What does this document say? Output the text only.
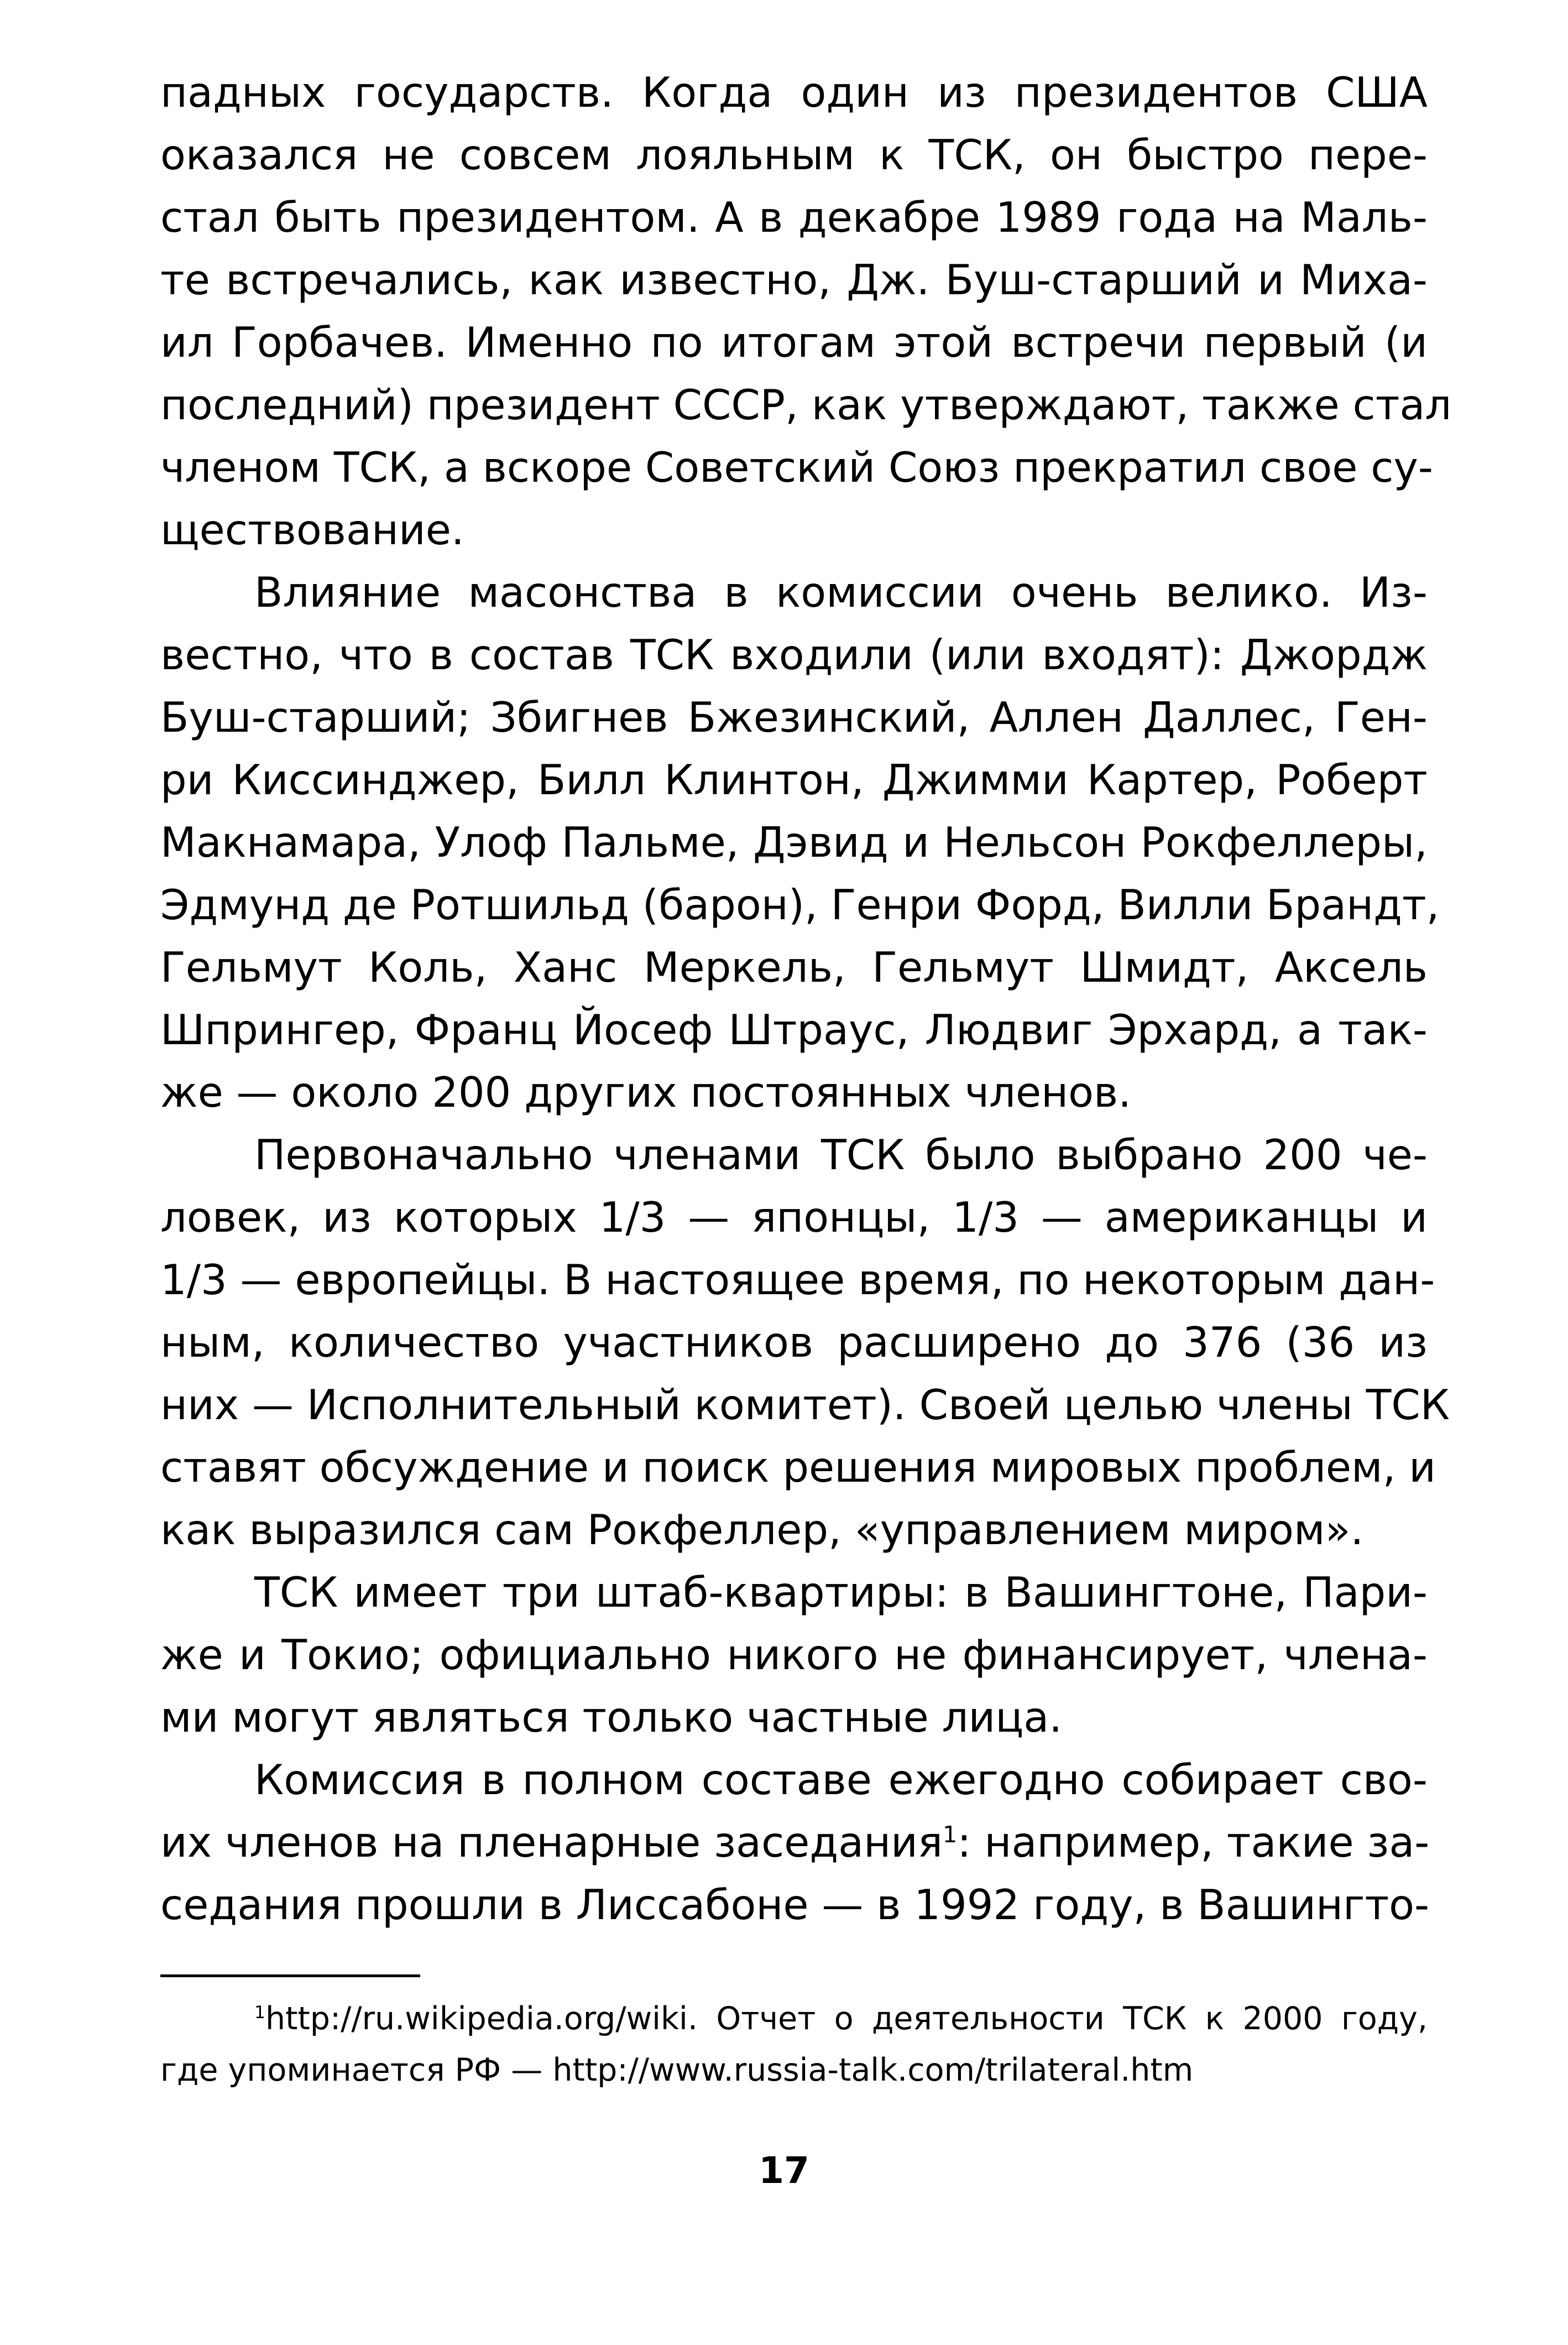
падных государств. Когда один из президентов США
оказался не совсем лояльным к ТСК, он быстро пере-
стал быть президентом. А в декабре 1989 года на Маль-
те встречались, как известно, Дж. Буш-старший и Миха-
ил Горбачев. Именно по итогам этой встречи первый (и
последний) президент СССР, как утверждают, также стал
членом ТСК, а вскоре Советский Союз прекратил свое су-
ществование.
Влияние масонства в комиссии очень велико. Из-
вестно, что в состав ТСК входили (или входят): Джордж
Буш-старший; Збигнев Бжезинский, Аллен Даллес, Ген-
ри Киссинджер, Билл Клинтон, Джимми Картер, Роберт
Макнамара, Улоф Пальме, Дэвид и Нельсон Рокфеллеры,
Эдмунд де Ротшильд (барон), Генри Форд, Вилли Брандт,
Гельмут Коль, Ханс Меркель, Гельмут Шмидт, Аксель
Шпрингер, Франц Йосеф Штраус, Людвиг Эрхард, а так-
же — около 200 других постоянных членов.
Первоначально членами ТСК было выбрано 200 че-
ловек, из которых 1/3 — японцы, 1/3 — американцы и
1/3 — европейцы. В настоящее время, по некоторым дан-
ным, количество участников расширено до 376 (36 из
них — Исполнительный комитет). Своей целью члены ТСК
ставят обсуждение и поиск решения мировых проблем, и
как выразился сам Рокфеллер, «управлением миром».
ТСК имеет три штаб-квартиры: в Вашингтоне, Пари-
же и Токио; официально никого не финансирует, члена-
ми могут являться только частные лица.
Комиссия в полном составе ежегодно собирает сво-
их членов на пленарные заседания$^1$: например, такие за-
седания прошли в Лиссабоне — в 1992 году, в Вашингто-
$^1$http://ru.wikipedia.org/wiki. Отчет о деятельности ТСК к 2000 году,
где упоминается РФ — http://www.russia-talk.com/trilateral.htm
17
